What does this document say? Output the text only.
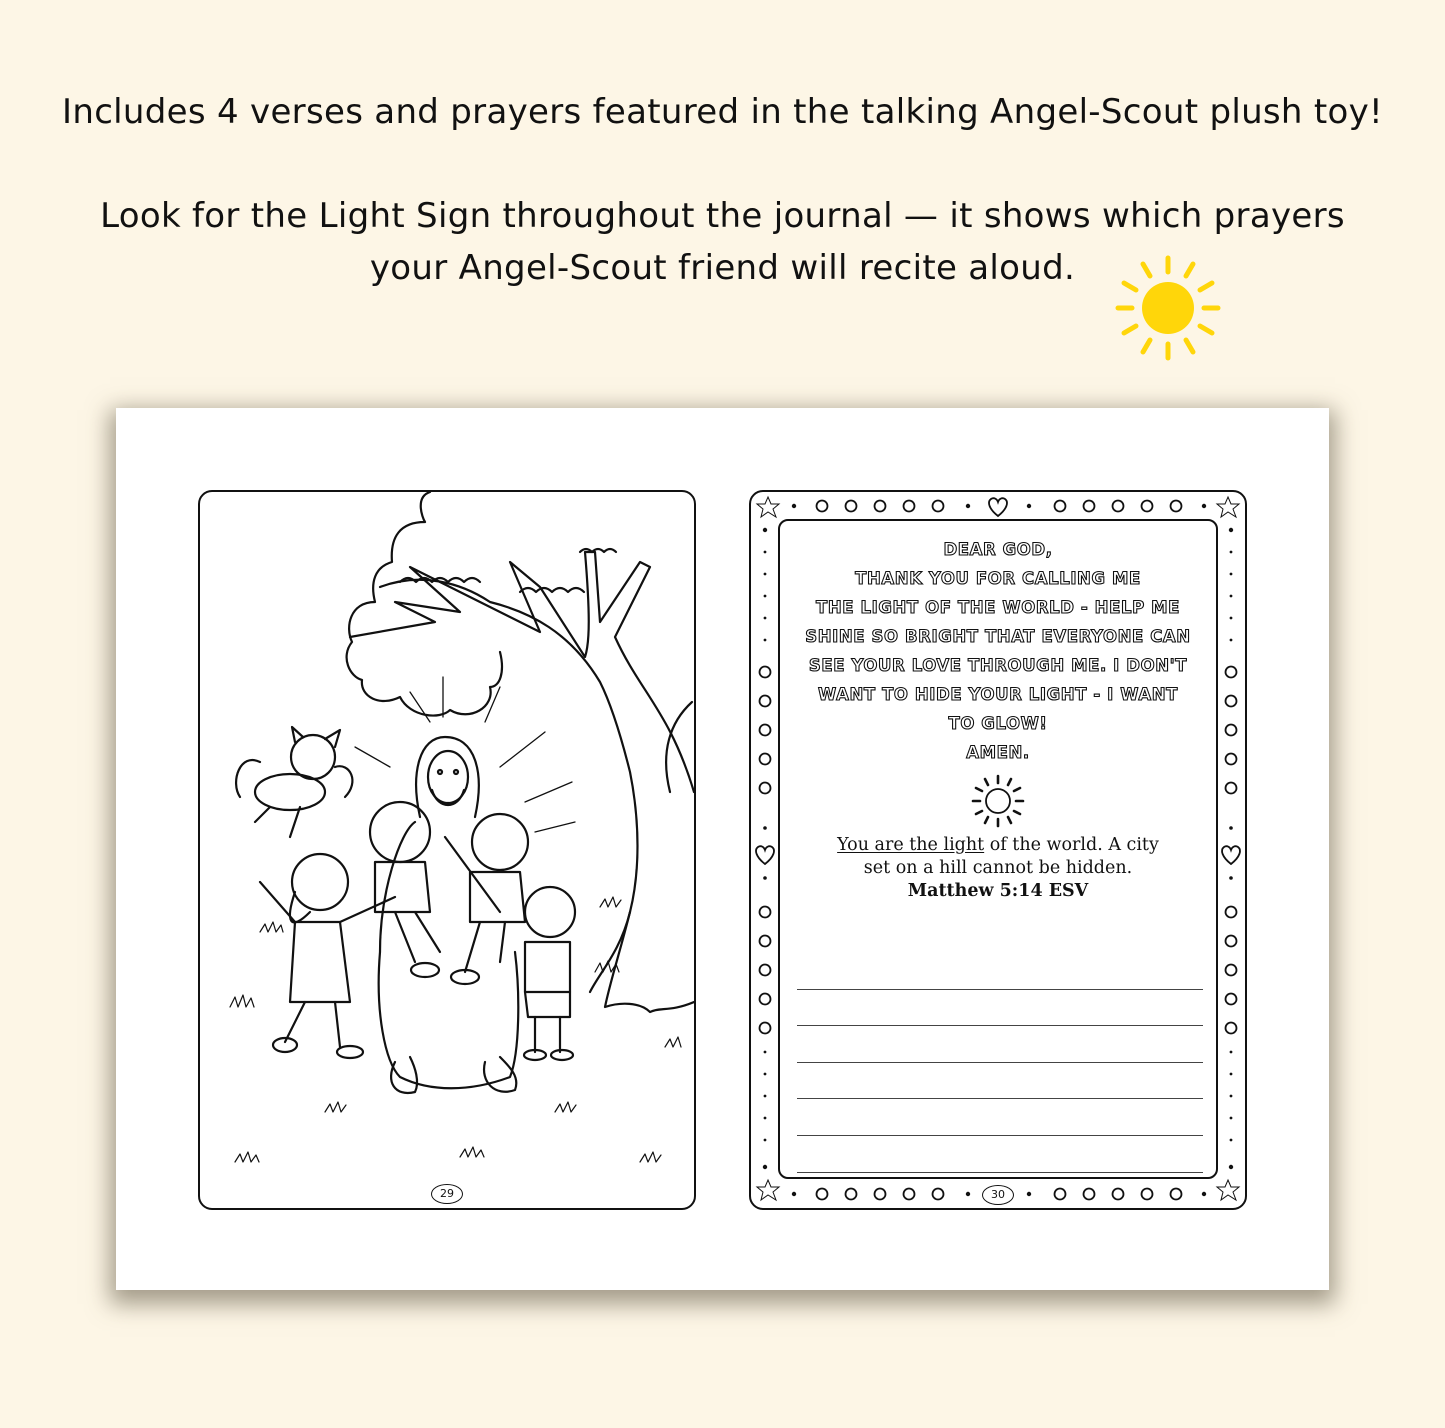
Includes 4 verses and prayers featured in the talking Angel-Scout plush toy!
Look for the Light Sign throughout the journal — it shows which prayers
your Angel-Scout friend will recite aloud.
29
DEAR GOD,
THANK YOU FOR CALLING ME
THE LIGHT OF THE WORLD - HELP ME
SHINE SO BRIGHT THAT EVERYONE CAN
SEE YOUR LOVE THROUGH ME. I DON'T
WANT TO HIDE YOUR LIGHT - I WANT
TO GLOW!
AMEN.
You are the light of the world. A city
set on a hill cannot be hidden.
Matthew 5:14 ESV
30
